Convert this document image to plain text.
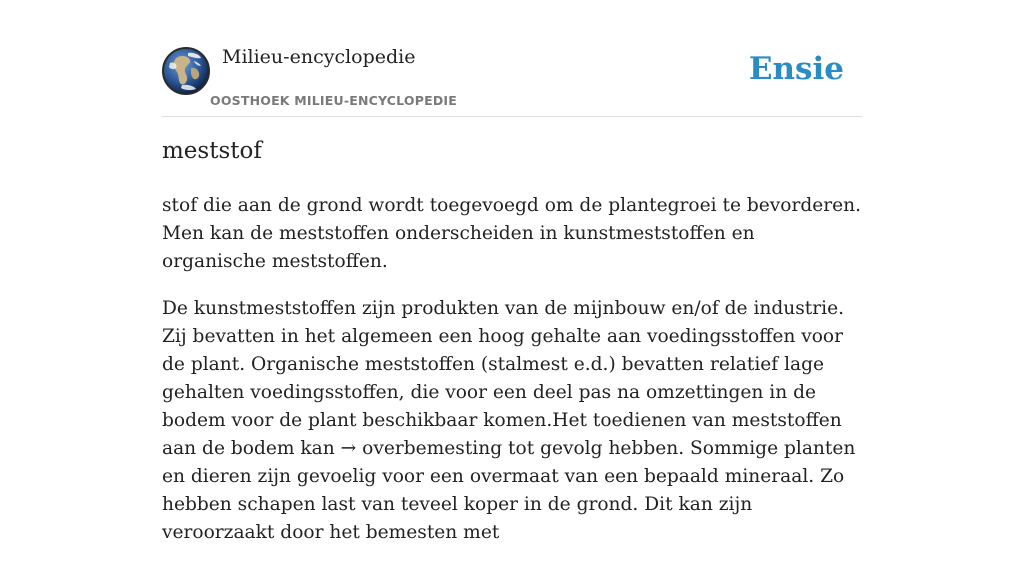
Milieu-encyclopedie
OOSTHOEK MILIEU-ENCYCLOPEDIE
Ensie
meststof

stof die aan de grond wordt toegevoegd om de plantegroei te bevorderen. Men kan de meststoffen onderscheiden in kunstmeststoffen en organische meststoffen.

De kunstmeststoffen zijn produkten van de mijnbouw en/of de industrie. Zij bevatten in het algemeen een hoog gehalte aan voedingsstoffen voor de plant. Organische meststoffen (stalmest e.d.) bevatten relatief lage gehalten voedingsstoffen, die voor een deel pas na omzettingen in de bodem voor de plant beschikbaar komen.Het toedienen van meststoffen aan de bodem kan → overbemesting tot gevolg hebben. Sommige planten en dieren zijn gevoelig voor een overmaat van een bepaald mineraal. Zo hebben schapen last van teveel koper in de grond. Dit kan zijn veroorzaakt door het bemesten met
